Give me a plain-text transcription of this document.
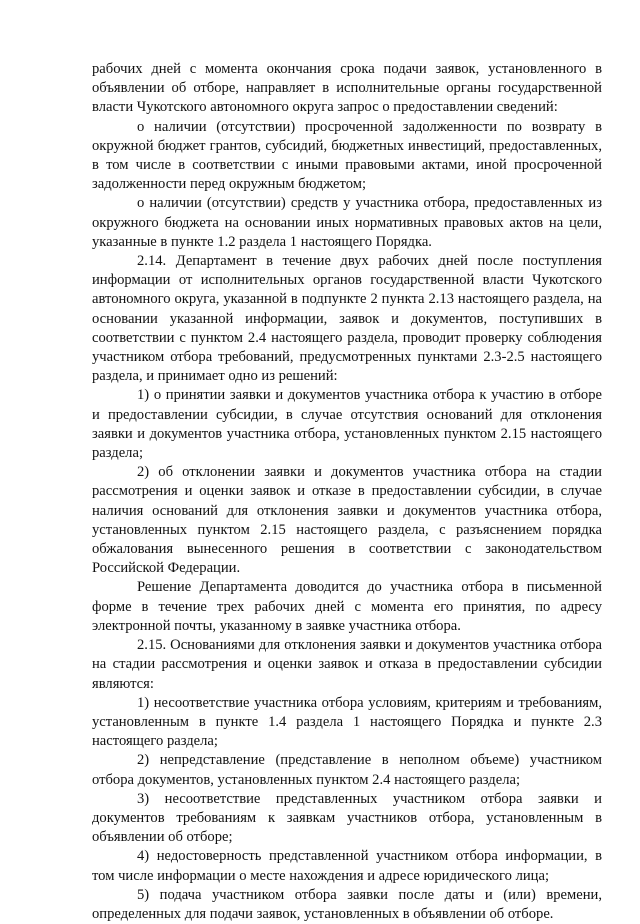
рабочих дней с момента окончания срока подачи заявок, установленного в объявлении об отборе, направляет в исполнительные органы государственной власти Чукотского автономного округа запрос о предоставлении сведений:

о наличии (отсутствии) просроченной задолженности по возврату в окружной бюджет грантов, субсидий, бюджетных инвестиций, предоставленных, в том числе в соответствии с иными правовыми актами, иной просроченной задолженности перед окружным бюджетом;

о наличии (отсутствии) средств у участника отбора, предоставленных из окружного бюджета на основании иных нормативных правовых актов на цели, указанные в пункте 1.2 раздела 1 настоящего Порядка.

2.14. Департамент в течение двух рабочих дней после поступления информации от исполнительных органов государственной власти Чукотского автономного округа, указанной в подпункте 2 пункта 2.13 настоящего раздела, на основании указанной информации, заявок и документов, поступивших в соответствии с пунктом 2.4 настоящего раздела, проводит проверку соблюдения участником отбора требований, предусмотренных пунктами 2.3-2.5 настоящего раздела, и принимает одно из решений:

1) о принятии заявки и документов участника отбора к участию в отборе и предоставлении субсидии, в случае отсутствия оснований для отклонения заявки и документов участника отбора, установленных пунктом 2.15 настоящего раздела;

2) об отклонении заявки и документов участника отбора на стадии рассмотрения и оценки заявок и отказе в предоставлении субсидии, в случае наличия оснований для отклонения заявки и документов участника отбора, установленных пунктом 2.15 настоящего раздела, с разъяснением порядка обжалования вынесенного решения в соответствии с законодательством Российской Федерации.

Решение Департамента доводится до участника отбора в письменной форме в течение трех рабочих дней с момента его принятия, по адресу электронной почты, указанному в заявке участника отбора.

2.15. Основаниями для отклонения заявки и документов участника отбора на стадии рассмотрения и оценки заявок и отказа в предоставлении субсидии являются:

1) несоответствие участника отбора условиям, критериям и требованиям, установленным в пункте 1.4 раздела 1 настоящего Порядка и пункте 2.3 настоящего раздела;

2) непредставление (представление в неполном объеме) участником отбора документов, установленных пунктом 2.4 настоящего раздела;

3) несоответствие представленных участником отбора заявки и документов требованиям к заявкам участников отбора, установленным в объявлении об отборе;

4) недостоверность представленной участником отбора информации, в том числе информации о месте нахождения и адресе юридического лица;

5) подача участником отбора заявки после даты и (или) времени, определенных для подачи заявок, установленных в объявлении об отборе.
